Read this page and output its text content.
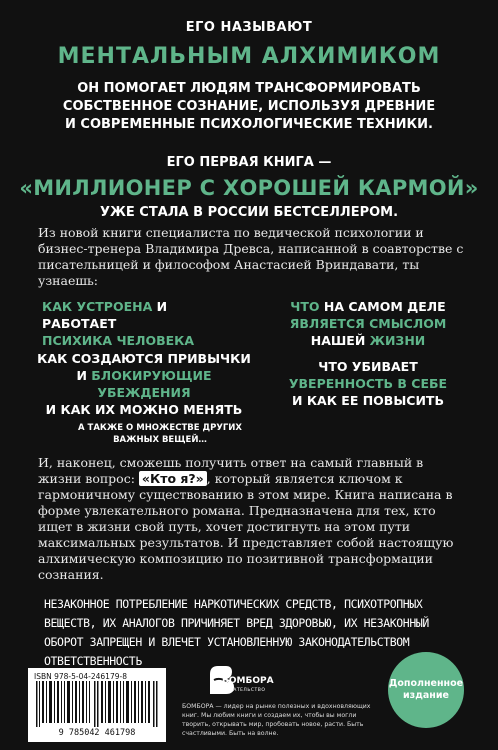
ЕГО НАЗЫВАЮТ
МЕНТАЛЬНЫМ АЛХИМИКОМ
ОН ПОМОГАЕТ ЛЮДЯМ ТРАНСФОРМИРОВАТЬ
СОБСТВЕННОЕ СОЗНАНИЕ, ИСПОЛЬЗУЯ ДРЕВНИЕ
И СОВРЕМЕННЫЕ ПСИХОЛОГИЧЕСКИЕ ТЕХНИКИ.
ЕГО ПЕРВАЯ КНИГА —
«МИЛЛИОНЕР С ХОРОШЕЙ КАРМОЙ»
УЖЕ СТАЛА В РОССИИ БЕСТСЕЛЛЕРОМ.
Из новой книги специалиста по ведической психологии и бизнес-тренера Владимира Древса, написанной в соавторстве с писательницей и философом Анастасией Вриндавати, ты узнаешь:
КАК УСТРОЕНА И РАБОТАЕТ
ПСИХИКА ЧЕЛОВЕКА
ЧТО НА САМОМ ДЕЛЕ
ЯВЛЯЕТСЯ СМЫСЛОМ
НАШЕЙ ЖИЗНИ
КАК СОЗДАЮТСЯ ПРИВЫЧКИ
И БЛОКИРУЮЩИЕ УБЕЖДЕНИЯ
И КАК ИХ МОЖНО МЕНЯТЬ
ЧТО УБИВАЕТ
УВЕРЕННОСТЬ В СЕБЕ
И КАК ЕЕ ПОВЫСИТЬ
А ТАКЖЕ О МНОЖЕСТВЕ ДРУГИХ
ВАЖНЫХ ВЕЩЕЙ…
И, наконец, сможешь получить ответ на самый главный в жизни вопрос: «Кто я?» , который является ключом к гармоничному существованию в этом мире. Книга написана в форме увлекательного романа. Предназначена для тех, кто ищет в жизни свой путь, хочет достигнуть на этом пути максимальных результатов. И представляет собой настоящую алхимическую композицию по позитивной трансформации сознания.
НЕЗАКОННОЕ ПОТРЕБЛЕНИЕ НАРКОТИЧЕСКИХ СРЕДСТВ, ПСИХОТРОПНЫХ ВЕЩЕСТВ, ИХ АНАЛОГОВ ПРИЧИНЯЕТ ВРЕД ЗДОРОВЬЮ, ИХ НЕЗАКОННЫЙ ОБОРОТ ЗАПРЕЩЕН И ВЛЕЧЕТ УСТАНОВЛЕННУЮ ЗАКОНОДАТЕЛЬСТВОМ ОТВЕТСТВЕННОСТЬ
ISBN 978-5-04-246179-8
9 785042 461798
БОМБОРА
ИЗДАТЕЛЬСТВО
БОМБОРА — лидер на рынке полезных и вдохновляющих книг. Мы любим книги и создаем их, чтобы вы могли творить, открывать мир, пробовать новое, расти. Быть счастливыми. Быть на волне.
Дополненное
издание
